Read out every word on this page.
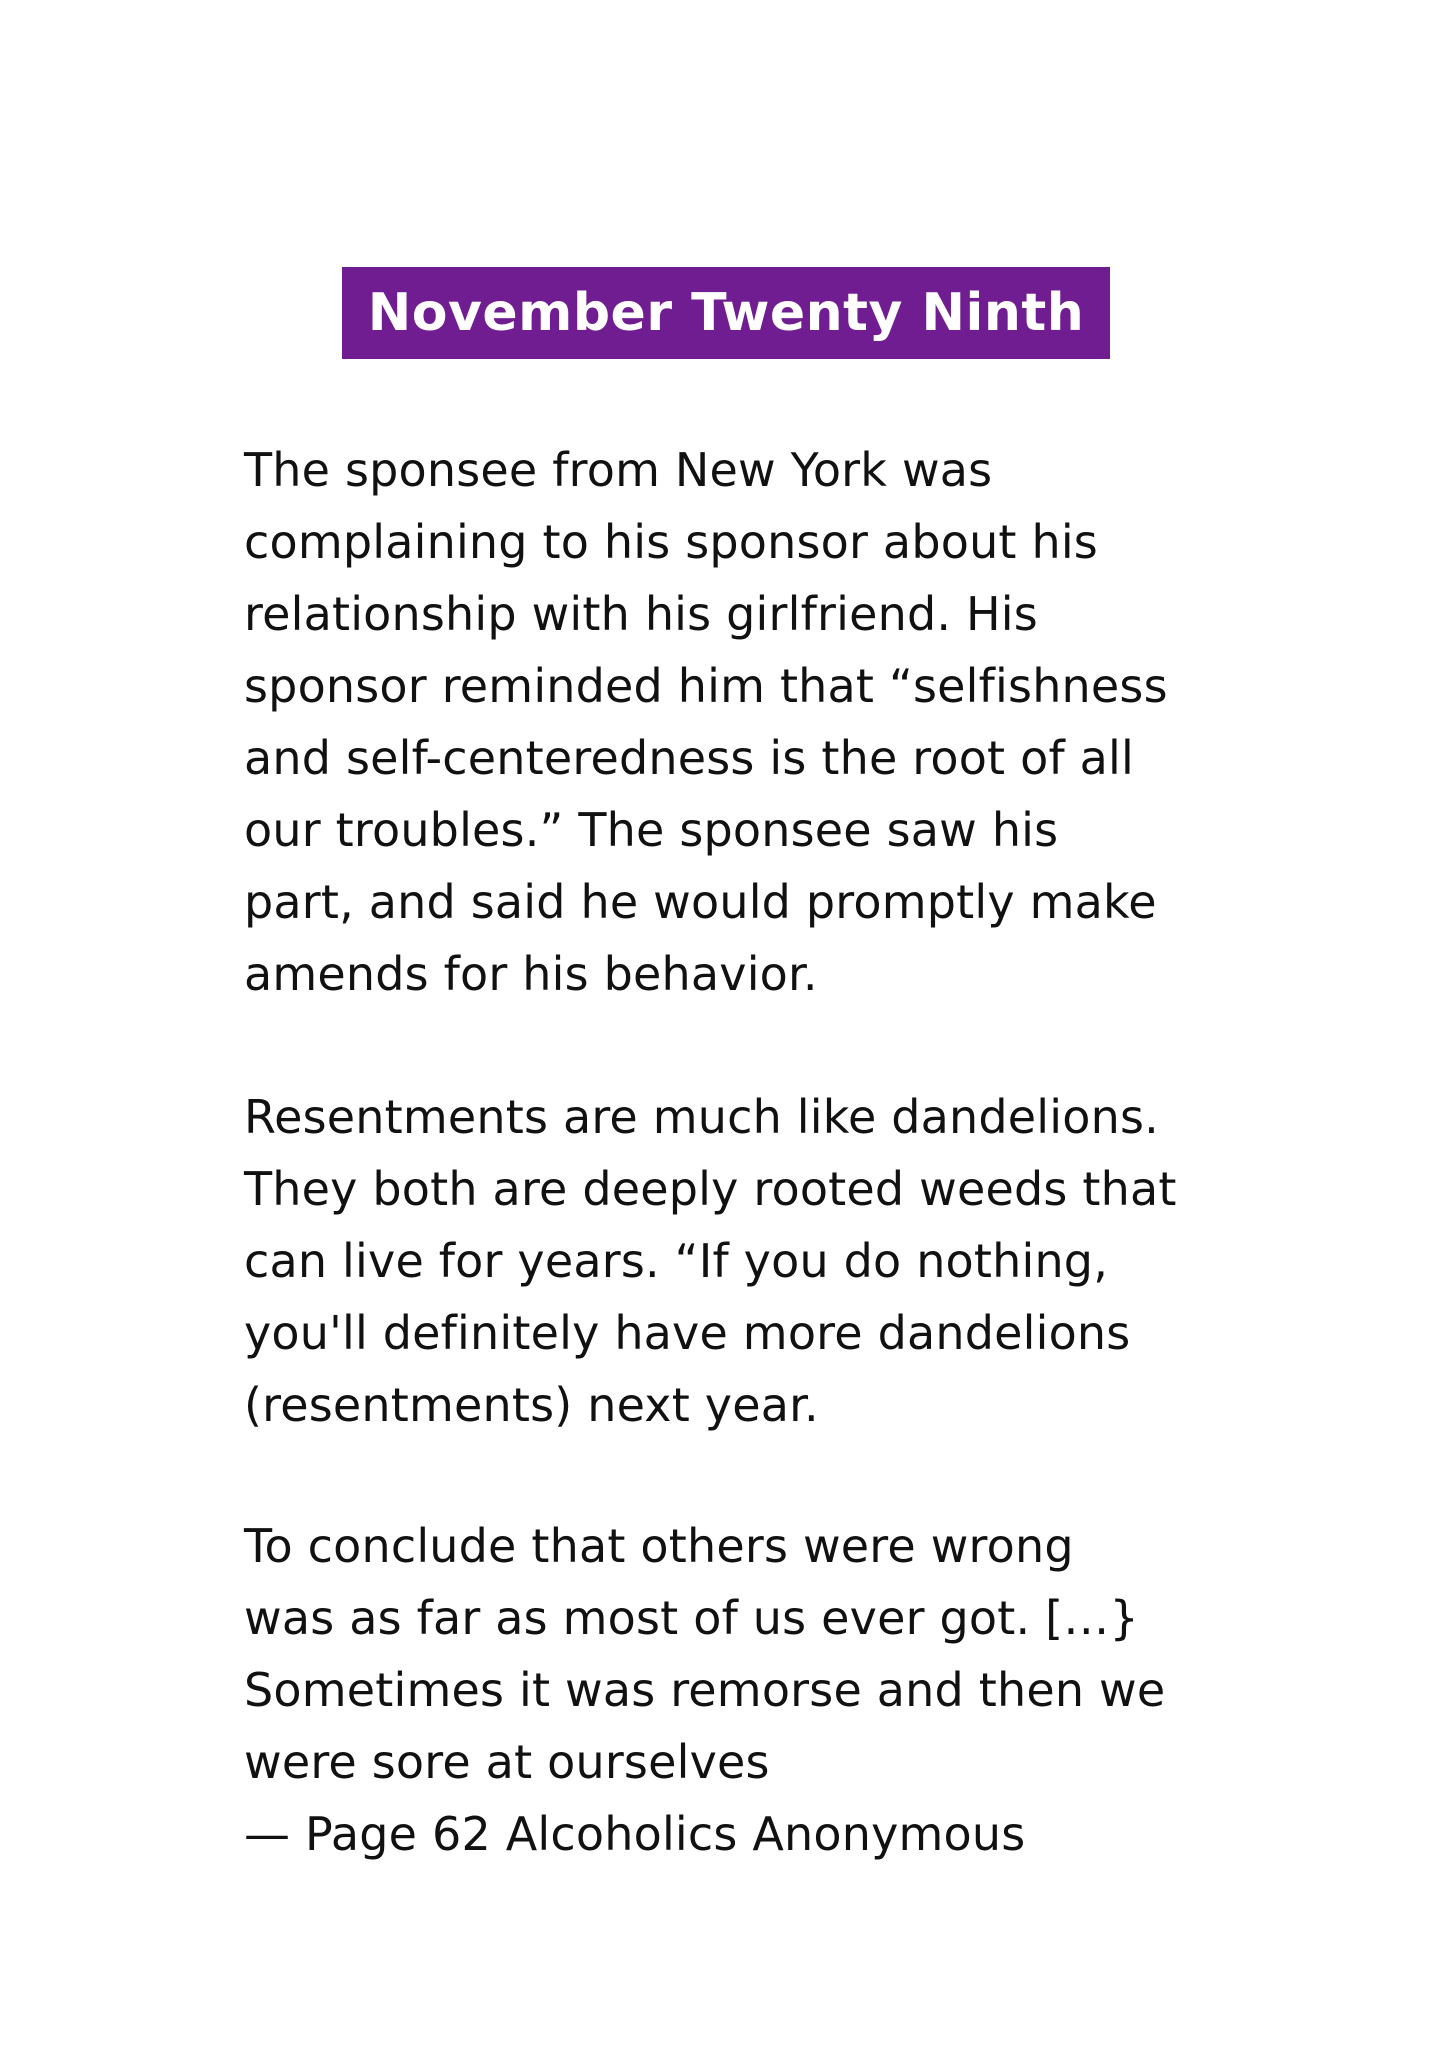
November Twenty Ninth
The sponsee from New York was
complaining to his sponsor about his
relationship with his girlfriend. His
sponsor reminded him that “selfishness
and self-centeredness is the root of all
our troubles.” The sponsee saw his
part, and said he would promptly make
amends for his behavior.
Resentments are much like dandelions.
They both are deeply rooted weeds that
can live for years. “If you do nothing,
you'll definitely have more dandelions
(resentments) next year.
To conclude that others were wrong
was as far as most of us ever got. […}
Sometimes it was remorse and then we
were sore at ourselves
— Page 62 Alcoholics Anonymous
